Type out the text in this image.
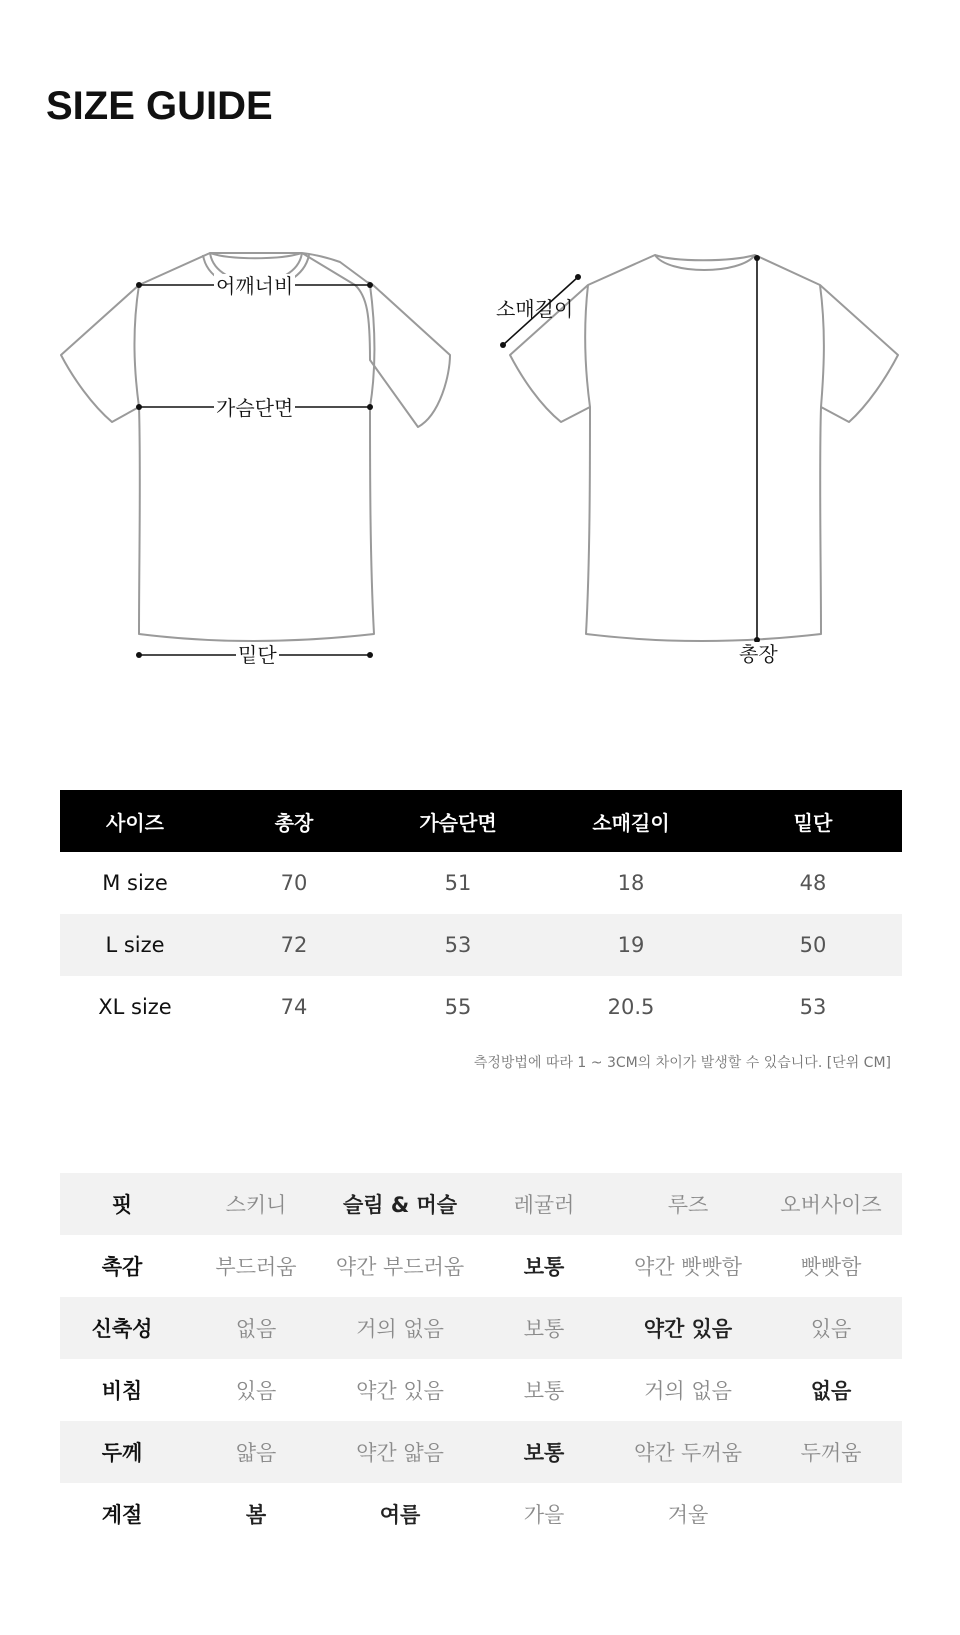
SIZE GUIDE
어깨너비
가슴단면
밑단
소매길이
총장
사이즈	총장	가슴단면	소매길이	밑단
M size	70	51	18	48
L size	72	53	19	50
XL size	74	55	20.5	53
측정방법에 따라 1 ~ 3CM의 차이가 발생할 수 있습니다. [단위 CM]
핏	스키니	슬림 & 머슬	레귤러	루즈	오버사이즈
촉감	부드러움	약간 부드러움	보통	약간 빳빳함	빳빳함
신축성	없음	거의 없음	보통	약간 있음	있음
비침	있음	약간 있음	보통	거의 없음	없음
두께	얇음	약간 얇음	보통	약간 두꺼움	두꺼움
계절	봄	여름	가을	겨울	
